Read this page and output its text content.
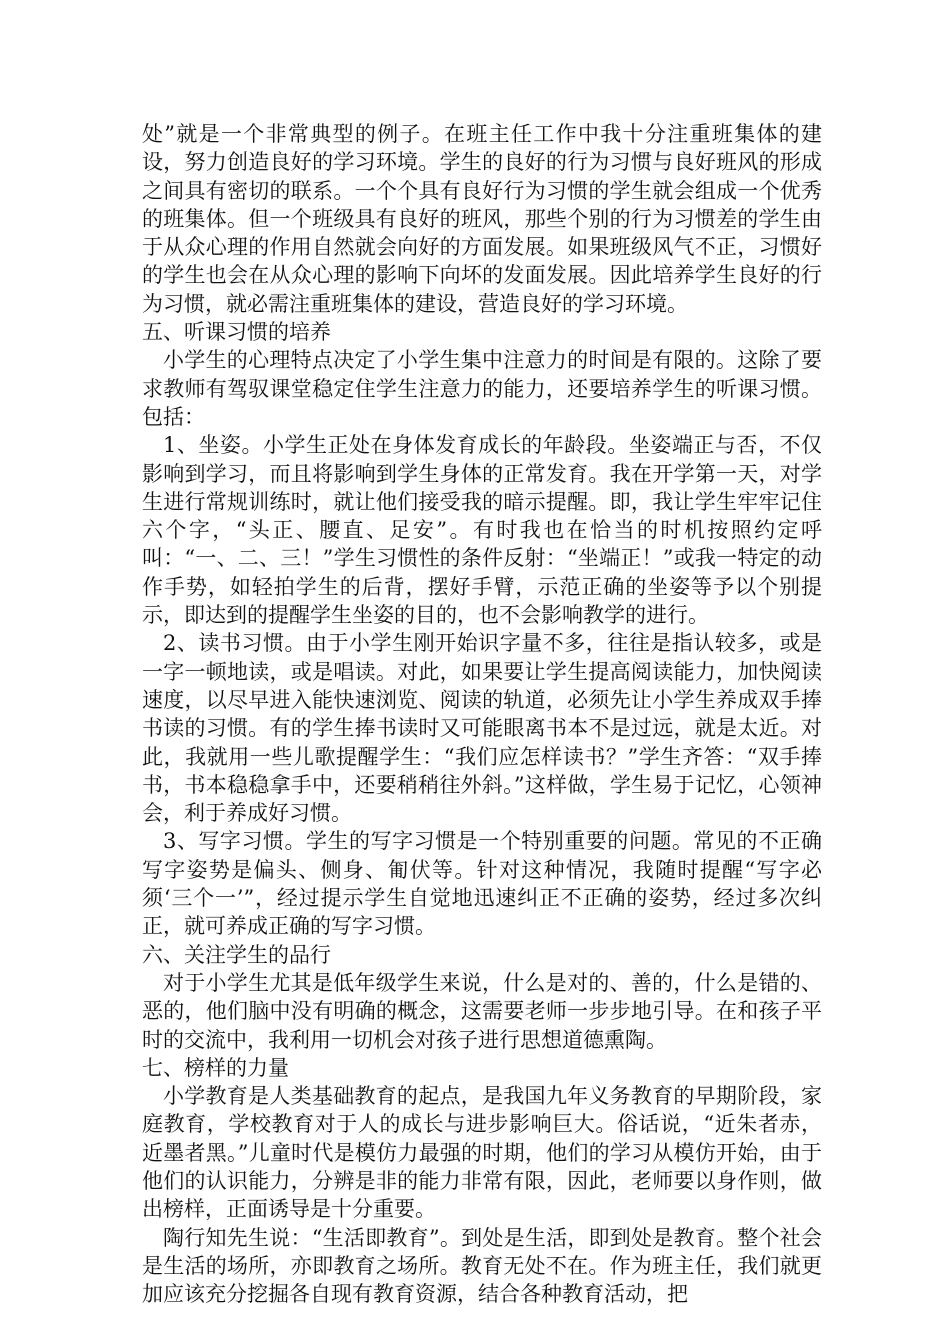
处”就是一个非常典型的例子。在班主任工作中我十分注重班集体的建设，努力创造良好的学习环境。学生的良好的行为习惯与良好班风的形成之间具有密切的联系。一个个具有良好行为习惯的学生就会组成一个优秀的班集体。但一个班级具有良好的班风，那些个别的行为习惯差的学生由于从众心理的作用自然就会向好的方面发展。如果班级风气不正，习惯好的学生也会在从众心理的影响下向坏的发面发展。因此培养学生良好的行为习惯，就必需注重班集体的建设，营造良好的学习环境。

五、听课习惯的培养

小学生的心理特点决定了小学生集中注意力的时间是有限的。这除了要求教师有驾驭课堂稳定住学生注意力的能力，还要培养学生的听课习惯。包括：

1、坐姿。小学生正处在身体发育成长的年龄段。坐姿端正与否，不仅影响到学习，而且将影响到学生身体的正常发育。我在开学第一天，对学生进行常规训练时，就让他们接受我的暗示提醒。即，我让学生牢牢记住六个字，“头正、腰直、足安”。有时我也在恰当的时机按照约定呼叫：“一、二、三！”学生习惯性的条件反射：“坐端正！”或我一特定的动作手势，如轻拍学生的后背，摆好手臂，示范正确的坐姿等予以个别提示，即达到的提醒学生坐姿的目的，也不会影响教学的进行。

2、读书习惯。由于小学生刚开始识字量不多，往往是指认较多，或是一字一顿地读，或是唱读。对此，如果要让学生提高阅读能力，加快阅读速度，以尽早进入能快速浏览、阅读的轨道，必须先让小学生养成双手捧书读的习惯。有的学生捧书读时又可能眼离书本不是过远，就是太近。对此，我就用一些儿歌提醒学生：“我们应怎样读书？”学生齐答：“双手捧书，书本稳稳拿手中，还要稍稍往外斜。”这样做，学生易于记忆，心领神会，利于养成好习惯。

3、写字习惯。学生的写字习惯是一个特别重要的问题。常见的不正确写字姿势是偏头、侧身、匍伏等。针对这种情况，我随时提醒“写字必须‘三个一’”，经过提示学生自觉地迅速纠正不正确的姿势，经过多次纠正，就可养成正确的写字习惯。

六、关注学生的品行

对于小学生尤其是低年级学生来说，什么是对的、善的，什么是错的、恶的，他们脑中没有明确的概念，这需要老师一步步地引导。在和孩子平时的交流中，我利用一切机会对孩子进行思想道德熏陶。

七、榜样的力量

小学教育是人类基础教育的起点，是我国九年义务教育的早期阶段，家庭教育，学校教育对于人的成长与进步影响巨大。俗话说，“近朱者赤，近墨者黑。”儿童时代是模仿力最强的时期，他们的学习从模仿开始，由于他们的认识能力，分辨是非的能力非常有限，因此，老师要以身作则，做出榜样，正面诱导是十分重要。

陶行知先生说：“生活即教育”。到处是生活，即到处是教育。整个社会是生活的场所，亦即教育之场所。教育无处不在。作为班主任，我们就更加应该充分挖掘各自现有教育资源，结合各种教育活动，把
